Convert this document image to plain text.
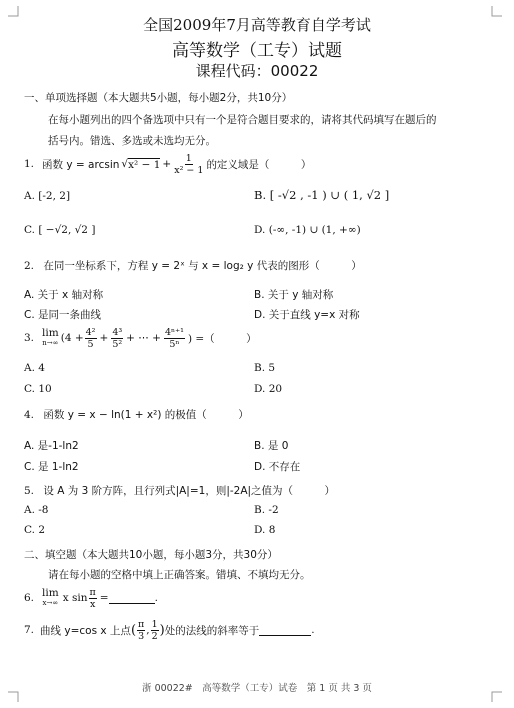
全国2009年7月高等教育自学考试
高等数学（工专）试题
课程代码：00022
一、单项选择题（本大题共5小题，每小题2分，共10分）
在每小题列出的四个备选项中只有一个是符合题目要求的，请将其代码填写在题后的
括号内。错选、多选或未选均无分。
1. 函数 y = arcsin √ $x^2 - 1 + \frac{1}{\text{x² − 1}}$ 的定义域是（　　　）
A. [-2, 2]	B. [ -√2 , -1 ) ∪ ( 1, √2 ]
C. [ −√2, √2 ]	D. (-∞, -1) ∪ (1, +∞)
2. 在同一坐标系下，方程 y = 2ˣ 与 x = log₂ y 代表的图形（　　　）
A. 关于 x 轴对称	B. 关于 y 轴对称
C. 是同一条曲线	D. 关于直线 y=x 对称
3. lim
n→∞ ($4 + \frac{\text{4²}}{5} + \frac{\text{4³}}{\text{5²}}$ + ⋯ + $\frac{\text{4ⁿ⁺¹}}{\text{5ⁿ}}$ ) =（　　　）
A. 4	B. 5
C. 10	D. 20
4. 函数 y = x − ln(1 + x²) 的极值（　　　）
A. 是-1-ln2	B. 是 0
C. 是 1-ln2	D. 不存在
5. 设 A 为 3 阶方阵，且行列式|A|=1，则|-2A|之值为（　　　）
A. -8	B. -2
C. 2	D. 8
二、填空题（本大题共10小题，每小题3分，共30分）
请在每小题的空格中填上正确答案。错填、不填均无分。
6. lim
x→∞ x $\sin \frac{\pi}{x}$ =	.
7. 曲线 y=cos x 上点 ( $\frac{\pi}{3}$ , $\frac{1}{2}$ ) 处的法线的斜率等于	.
浙 00022#　高等数学（工专）试卷　第 1 页 共 3 页
